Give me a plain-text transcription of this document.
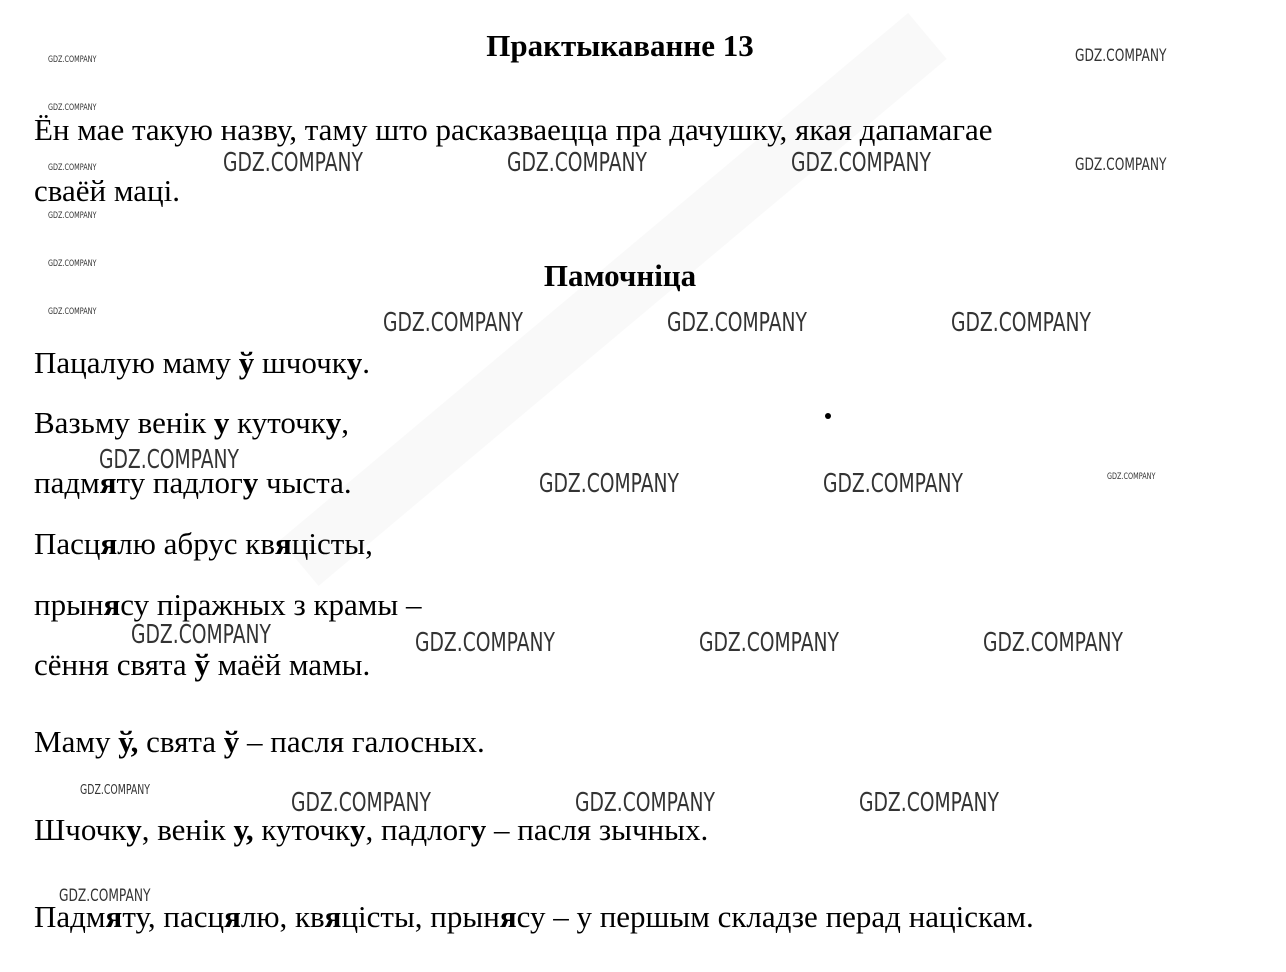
Практыкаванне 13
Ён мае такую назву, таму што расказваецца пра дачушку, якая дапамагае
сваёй маці.
Памочніца
Пацалую маму ў шчочку.
Вазьму венік у куточку,
падмяту падлогу чыста.
Пасцялю абрус квяцісты,
прынясу піражных з крамы –
сёння свята ў маёй мамы.
Маму ў, свята ў – пасля галосных.
Шчочку, венік у, куточку, падлогу – пасля зычных.
Падмяту, пасцялю, квяцісты, прынясу – у першым складзе перад націскам.
GDZ.COMPANY	GDZ.COMPANY
GDZ.COMPANY
GDZ.COMPANY	GDZ.COMPANY	GDZ.COMPANY	GDZ.COMPANY	GDZ.COMPANY
GDZ.COMPANY
GDZ.COMPANY
GDZ.COMPANY	GDZ.COMPANY	GDZ.COMPANY	GDZ.COMPANY
GDZ.COMPANY
GDZ.COMPANY	GDZ.COMPANY	GDZ.COMPANY
GDZ.COMPANY	GDZ.COMPANY	GDZ.COMPANY	GDZ.COMPANY
GDZ.COMPANY	GDZ.COMPANY	GDZ.COMPANY	GDZ.COMPANY
GDZ.COMPANY
